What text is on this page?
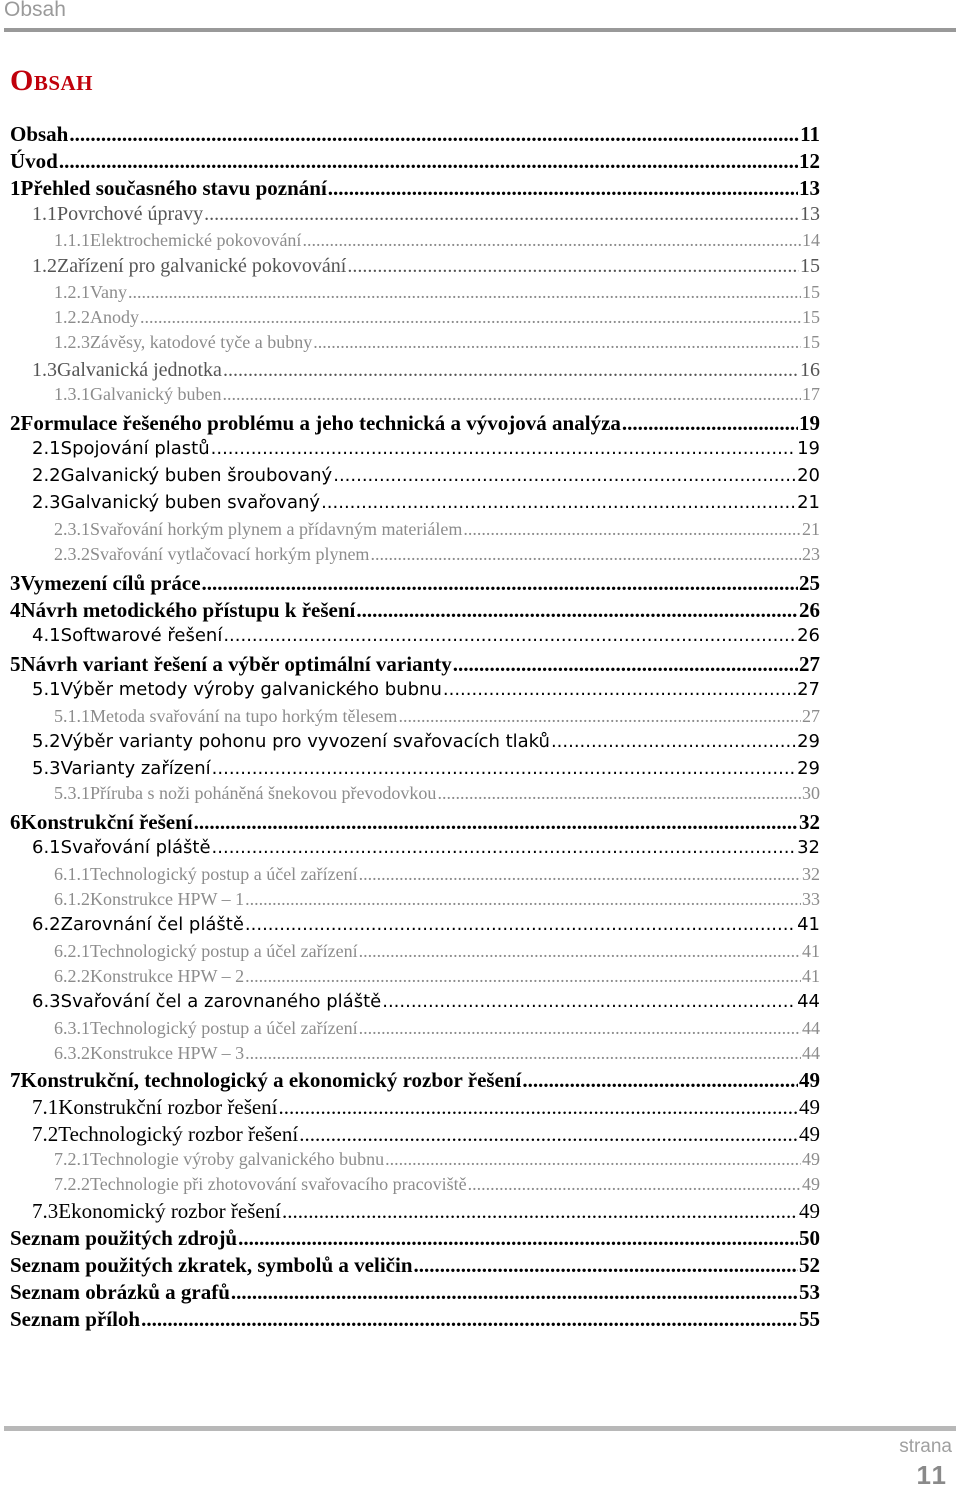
Obsah
Obsah
Obsah .....	11
Úvod .....	12
1 Přehled současného stavu poznání .....	13
1.1 Povrchové úpravy .....	13
1.1.1 Elektrochemické pokovování .....	14
1.2 Zařízení pro galvanické pokovování .....	15
1.2.1 Vany .....	15
1.2.2 Anody .....	15
1.2.3 Závěsy, katodové tyče a bubny .....	15
1.3 Galvanická jednotka .....	16
1.3.1 Galvanický buben .....	17
2 Formulace řešeného problému a jeho technická a vývojová analýza .....	19
2.1 Spojování plastů .....	19
2.2 Galvanický buben šroubovaný .....	20
2.3 Galvanický buben svařovaný .....	21
2.3.1 Svařování horkým plynem a přídavným materiálem .....	21
2.3.2 Svařování vytlačovací horkým plynem .....	23
3 Vymezení cílů práce .....	25
4 Návrh metodického přístupu k řešení .....	26
4.1 Softwarové řešení .....	26
5 Návrh variant řešení a výběr optimální varianty .....	27
5.1 Výběr metody výroby galvanického bubnu .....	27
5.1.1 Metoda svařování na tupo horkým tělesem .....	27
5.2 Výběr varianty pohonu pro vyvození svařovacích tlaků .....	29
5.3 Varianty zařízení .....	29
5.3.1 Příruba s noži poháněná šnekovou převodovkou .....	30
6 Konstrukční řešení .....	32
6.1 Svařování pláště .....	32
6.1.1 Technologický postup a účel zařízení .....	32
6.1.2 Konstrukce HPW – 1 .....	33
6.2 Zarovnání čel pláště .....	41
6.2.1 Technologický postup a účel zařízení .....	41
6.2.2 Konstrukce HPW – 2 .....	41
6.3 Svařování čel a zarovnaného pláště .....	44
6.3.1 Technologický postup a účel zařízení .....	44
6.3.2 Konstrukce HPW – 3 .....	44
7 Konstrukční, technologický a ekonomický rozbor řešení .....	49
7.1 Konstrukční rozbor řešení .....	49
7.2 Technologický rozbor řešení .....	49
7.2.1 Technologie výroby galvanického bubnu .....	49
7.2.2 Technologie při zhotovování svařovacího pracoviště .....	49
7.3 Ekonomický rozbor řešení .....	49
Seznam použitých zdrojů .....	50
Seznam použitých zkratek, symbolů a veličin .....	52
Seznam obrázků a grafů .....	53
Seznam příloh .....	55
strana
11
